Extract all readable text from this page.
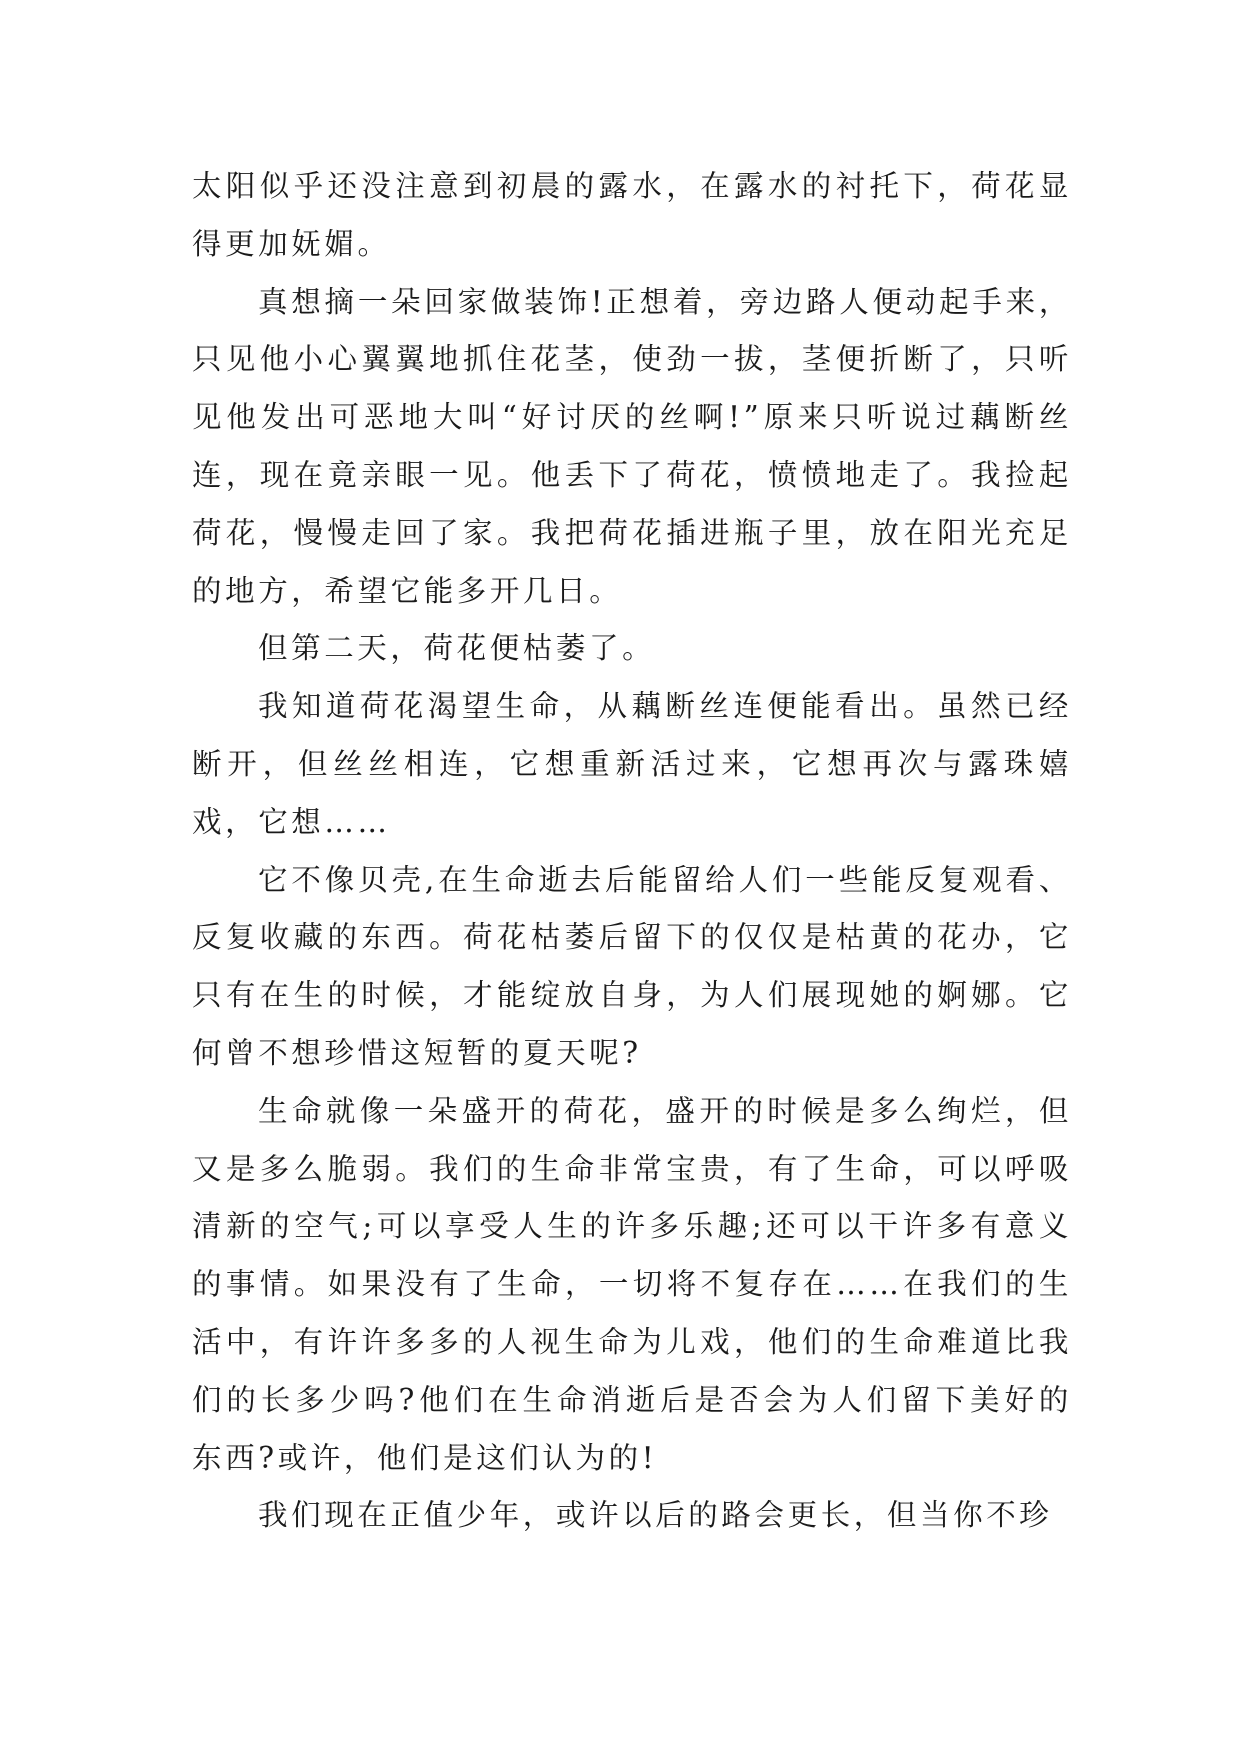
太阳似乎还没注意到初晨的露水，在露水的衬托下，荷花显得更加妩媚。

真想摘一朵回家做装饰!正想着，旁边路人便动起手来，只见他小心翼翼地抓住花茎，使劲一拔，茎便折断了，只听见他发出可恶地大叫“好讨厌的丝啊!”原来只听说过藕断丝连，现在竟亲眼一见。他丢下了荷花，愤愤地走了。我捡起荷花，慢慢走回了家。我把荷花插进瓶子里，放在阳光充足的地方，希望它能多开几日。

但第二天，荷花便枯萎了。

我知道荷花渴望生命，从藕断丝连便能看出。虽然已经断开，但丝丝相连，它想重新活过来，它想再次与露珠嬉戏，它想……

它不像贝壳,在生命逝去后能留给人们一些能反复观看、反复收藏的东西。荷花枯萎后留下的仅仅是枯黄的花办，它只有在生的时候，才能绽放自身，为人们展现她的婀娜。它何曾不想珍惜这短暂的夏天呢?

生命就像一朵盛开的荷花，盛开的时候是多么绚烂，但又是多么脆弱。我们的生命非常宝贵，有了生命，可以呼吸清新的空气;可以享受人生的许多乐趣;还可以干许多有意义的事情。如果没有了生命，一切将不复存在……在我们的生活中，有许许多多的人视生命为儿戏，他们的生命难道比我们的长多少吗?他们在生命消逝后是否会为人们留下美好的东西?或许，他们是这们认为的!

我们现在正值少年，或许以后的路会更长，但当你不珍
